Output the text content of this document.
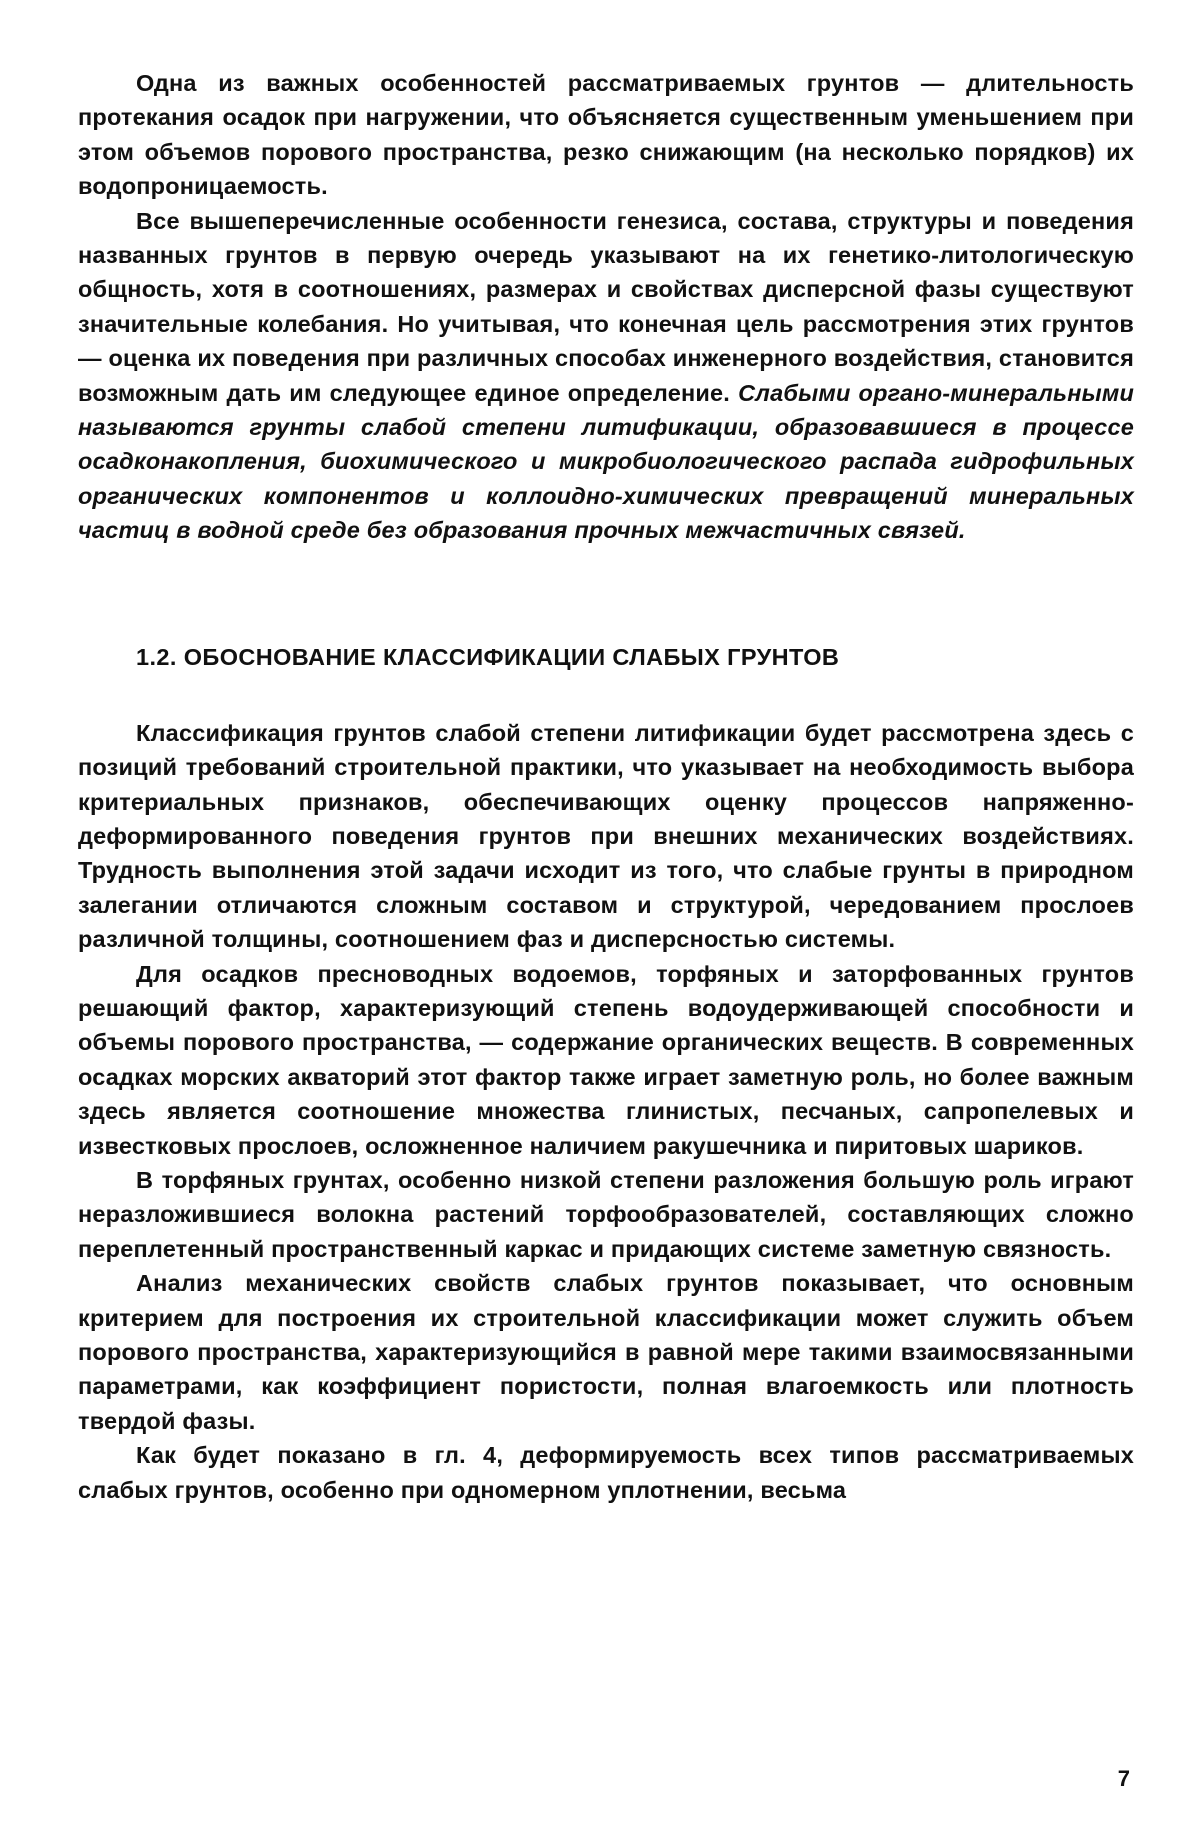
Одна из важных особенностей рассматриваемых грунтов — длительность протекания осадок при нагружении, что объясняется существенным уменьшением при этом объемов порового пространства, резко снижающим (на несколько порядков) их водопроницаемость.

Все вышеперечисленные особенности генезиса, состава, структуры и поведения названных грунтов в первую очередь указывают на их генетико-литологическую общность, хотя в соотношениях, размерах и свойствах дисперсной фазы существуют значительные колебания. Но учитывая, что конечная цель рассмотрения этих грунтов — оценка их поведения при различных способах инженерного воздействия, становится возможным дать им следующее единое определение. Слабыми органо-минеральными называются грунты слабой степени литификации, образовавшиеся в процессе осадконакопления, биохимического и микробиологического распада гидрофильных органических компонентов и коллоидно-химических превращений минеральных частиц в водной среде без образования прочных межчастичных связей.

1.2. ОБОСНОВАНИЕ КЛАССИФИКАЦИИ СЛАБЫХ ГРУНТОВ

Классификация грунтов слабой степени литификации будет рассмотрена здесь с позиций требований строительной практики, что указывает на необходимость выбора критериальных признаков, обеспечивающих оценку процессов напряженно-деформированного поведения грунтов при внешних механических воздействиях. Трудность выполнения этой задачи исходит из того, что слабые грунты в природном залегании отличаются сложным составом и структурой, чередованием прослоев различной толщины, соотношением фаз и дисперсностью системы.

Для осадков пресноводных водоемов, торфяных и заторфованных грунтов решающий фактор, характеризующий степень водоудерживающей способности и объемы порового пространства, — содержание органических веществ. В современных осадках морских акваторий этот фактор также играет заметную роль, но более важным здесь является соотношение множества глинистых, песчаных, сапропелевых и известковых прослоев, осложненное наличием ракушечника и пиритовых шариков.

В торфяных грунтах, особенно низкой степени разложения большую роль играют неразложившиеся волокна растений торфообразователей, составляющих сложно переплетенный пространственный каркас и придающих системе заметную связность.

Анализ механических свойств слабых грунтов показывает, что основным критерием для построения их строительной классификации может служить объем порового пространства, характеризующийся в равной мере такими взаимосвязанными параметрами, как коэффициент пористости, полная влагоемкость или плотность твердой фазы.

Как будет показано в гл. 4, деформируемость всех типов рассматриваемых слабых грунтов, особенно при одномерном уплотнении, весьма

7
